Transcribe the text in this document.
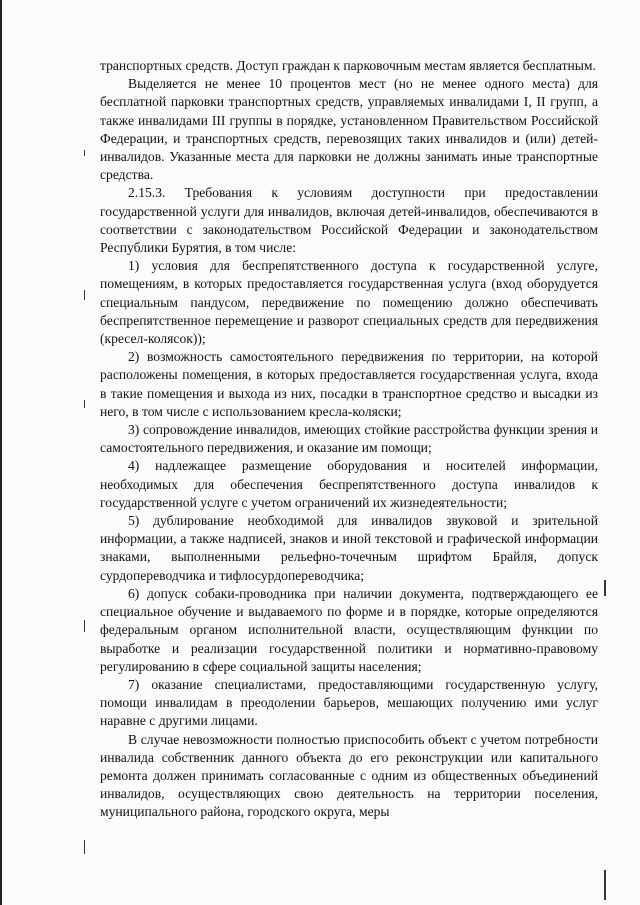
транспортных средств. Доступ граждан к парковочным местам является бесплатным.

Выделяется не менее 10 процентов мест (но не менее одного места) для бесплатной парковки транспортных средств, управляемых инвалидами I, II групп, а также инвалидами III группы в порядке, установленном Правительством Российской Федерации, и транспортных средств, перевозящих таких инвалидов и (или) детей-инвалидов. Указанные места для парковки не должны занимать иные транспортные средства.

2.15.3. Требования к условиям доступности при предоставлении государственной услуги для инвалидов, включая детей-инвалидов, обеспечиваются в соответствии с законодательством Российской Федерации и законодательством Республики Бурятия, в том числе:

1) условия для беспрепятственного доступа к государственной услуге, помещениям, в которых предоставляется государственная услуга (вход оборудуется специальным пандусом, передвижение по помещению должно обеспечивать беспрепятственное перемещение и разворот специальных средств для передвижения (кресел-колясок));

2) возможность самостоятельного передвижения по территории, на которой расположены помещения, в которых предоставляется государственная услуга, входа в такие помещения и выхода из них, посадки в транспортное средство и высадки из него, в том числе с использованием кресла-коляски;

3) сопровождение инвалидов, имеющих стойкие расстройства функции зрения и самостоятельного передвижения, и оказание им помощи;

4) надлежащее размещение оборудования и носителей информации, необходимых для обеспечения беспрепятственного доступа инвалидов к государственной услуге с учетом ограничений их жизнедеятельности;

5) дублирование необходимой для инвалидов звуковой и зрительной информации, а также надписей, знаков и иной текстовой и графической информации знаками, выполненными рельефно-точечным шрифтом Брайля, допуск сурдопереводчика и тифлосурдопереводчика;

6) допуск собаки-проводника при наличии документа, подтверждающего ее специальное обучение и выдаваемого по форме и в порядке, которые определяются федеральным органом исполнительной власти, осуществляющим функции по выработке и реализации государственной политики и нормативно-правовому регулированию в сфере социальной защиты населения;

7) оказание специалистами, предоставляющими государственную услугу, помощи инвалидам в преодолении барьеров, мешающих получению ими услуг наравне с другими лицами.

В случае невозможности полностью приспособить объект с учетом потребности инвалида собственник данного объекта до его реконструкции или капитального ремонта должен принимать согласованные с одним из общественных объединений инвалидов, осуществляющих свою деятельность на территории поселения, муниципального района, городского округа, меры
